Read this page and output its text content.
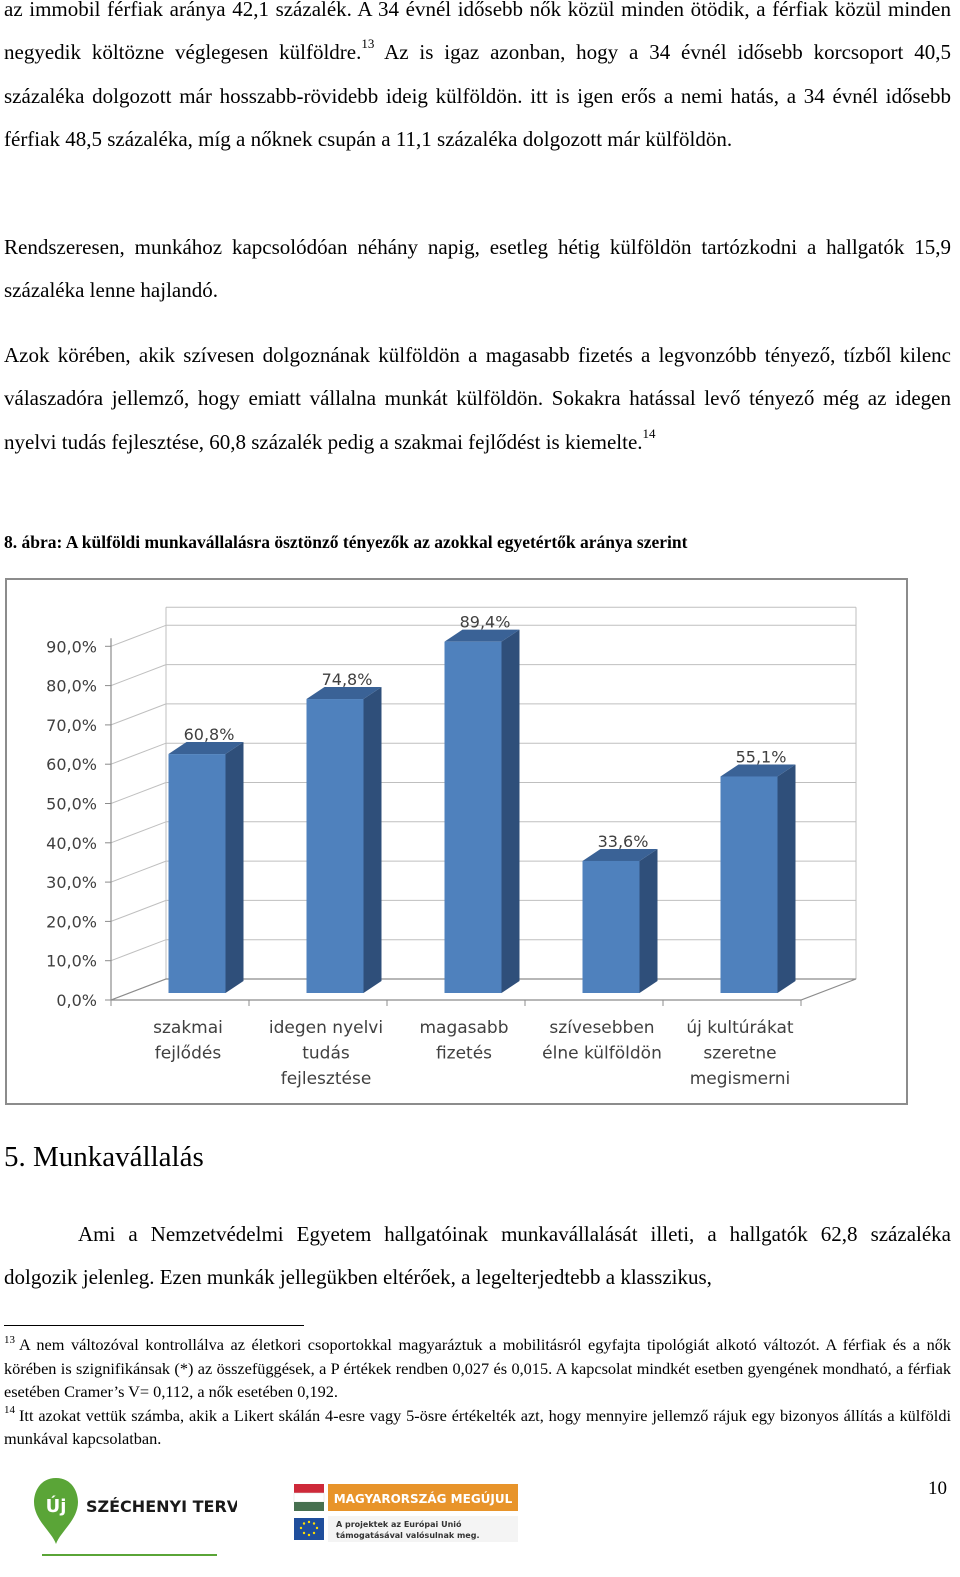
az immobil férfiak aránya 42,1 százalék. A 34 évnél idősebb nők közül minden ötödik, a férfiak közül minden negyedik költözne véglegesen külföldre.$^{13}$ Az is igaz azonban, hogy a 34 évnél idősebb korcsoport 40,5 százaléka dolgozott már hosszabb-rövidebb ideig külföldön. itt is igen erős a nemi hatás, a 34 évnél idősebb férfiak 48,5 százaléka, míg a nőknek csupán a 11,1 százaléka dolgozott már külföldön.

Rendszeresen, munkához kapcsolódóan néhány napig, esetleg hétig külföldön tartózkodni a hallgatók 15,9 százaléka lenne hajlandó.

Azok körében, akik szívesen dolgoznának külföldön a magasabb fizetés a legvonzóbb tényező, tízből kilenc válaszadóra jellemző, hogy emiatt vállalna munkát külföldön. Sokakra hatással levő tényező még az idegen nyelvi tudás fejlesztése, 60,8 százalék pedig a szakmai fejlődést is kiemelte.$^{14}$

8. ábra: A külföldi munkavállalásra ösztönző tényezők az azokkal egyetértők aránya szerint
0,0%
10,0%
20,0%
30,0%
40,0%
50,0%
60,0%
70,0%
80,0%
90,0%
60,8%
szakmai
fejlődés
74,8%
idegen nyelvi
tudás
fejlesztése
89,4%
magasabb
fizetés
33,6%
szívesebben
élne külföldön
55,1%
új kultúrákat
szeretne
megismerni
5. Munkavállalás

Ami a Nemzetvédelmi Egyetem hallgatóinak munkavállalását illeti, a hallgatók 62,8 százaléka dolgozik jelenleg. Ezen munkák jellegükben eltérőek, a legelterjedtebb a klasszikus,

$^{13}$ A nem változóval kontrollálva az életkori csoportokkal magyaráztuk a mobilitásról egyfajta tipológiát alkotó változót. A férfiak és a nők körében is szignifikánsak (*) az összefüggések, a P értékek rendben 0,027 és 0,015. A kapcsolat mindkét esetben gyengének mondható, a férfiak esetében Cramer’s V= 0,112, a nők esetében 0,192.
$^{14}$ Itt azokat vettük számba, akik a Likert skálán 4-esre vagy 5-ösre értékelték azt, hogy mennyire jellemző rájuk egy bizonyos állítás a külföldi munkával kapcsolatban.

Új SZÉCHENYI TERV	MAGYARORSZÁG MEGÚJUL
A projektek az Európai Unió
támogatásával valósulnak meg.
10
